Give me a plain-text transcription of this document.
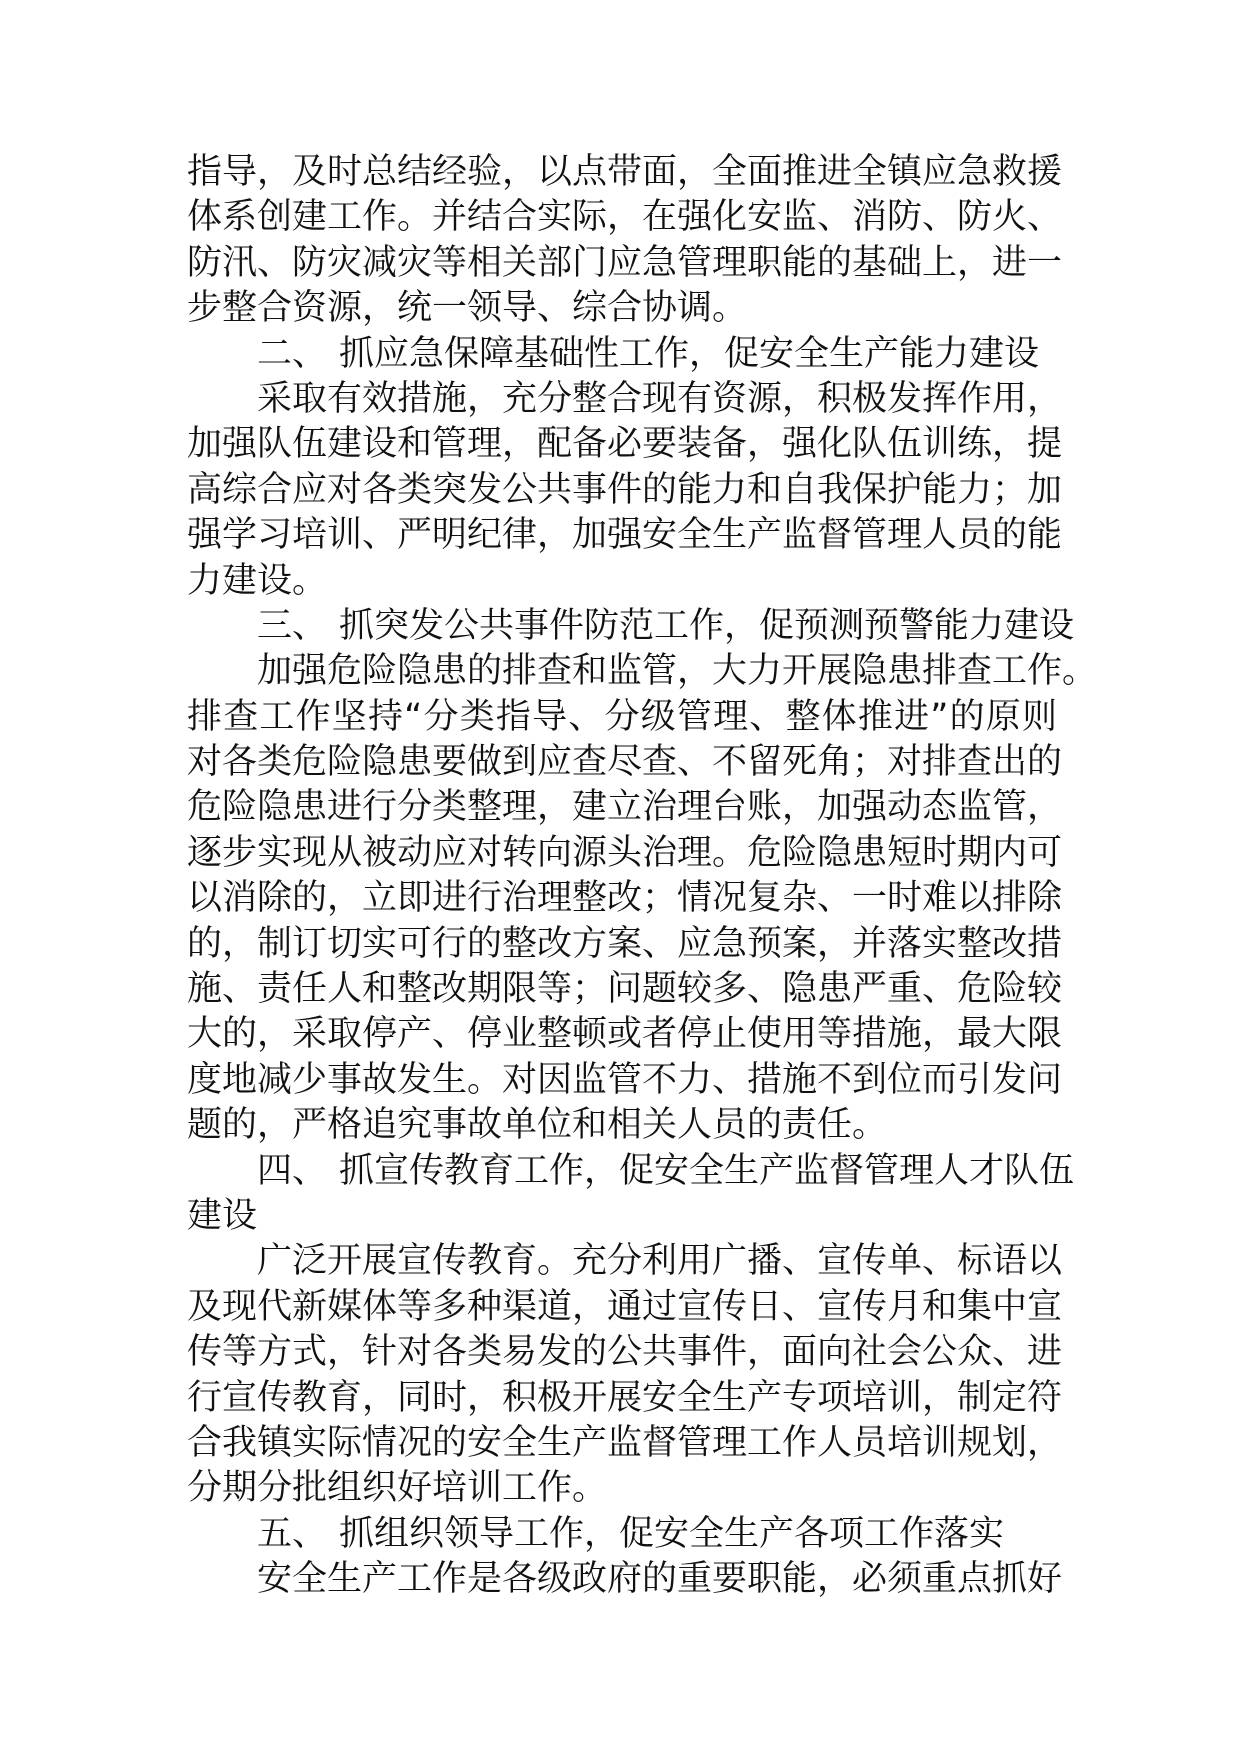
指导，及时总结经验，以点带面，全面推进全镇应急救援
体系创建工作。并结合实际，在强化安监、消防、防火、
防汛、防灾减灾等相关部门应急管理职能的基础上，进一
步整合资源，统一领导、综合协调。
二、 抓应急保障基础性工作，促安全生产能力建设
采取有效措施，充分整合现有资源，积极发挥作用，
加强队伍建设和管理，配备必要装备，强化队伍训练，提
高综合应对各类突发公共事件的能力和自我保护能力；加
强学习培训、严明纪律，加强安全生产监督管理人员的能
力建设。
三、 抓突发公共事件防范工作，促预测预警能力建设
加强危险隐患的排查和监管，大力开展隐患排查工作。
排查工作坚持“分类指导、分级管理、整体推进”的原则
对各类危险隐患要做到应查尽查、不留死角；对排查出的
危险隐患进行分类整理，建立治理台账，加强动态监管，
逐步实现从被动应对转向源头治理。危险隐患短时期内可
以消除的，立即进行治理整改；情况复杂、一时难以排除
的，制订切实可行的整改方案、应急预案，并落实整改措
施、责任人和整改期限等；问题较多、隐患严重、危险较
大的，采取停产、停业整顿或者停止使用等措施，最大限
度地减少事故发生。对因监管不力、措施不到位而引发问
题的，严格追究事故单位和相关人员的责任。
四、 抓宣传教育工作，促安全生产监督管理人才队伍
建设
广泛开展宣传教育。充分利用广播、宣传单、标语以
及现代新媒体等多种渠道，通过宣传日、宣传月和集中宣
传等方式，针对各类易发的公共事件，面向社会公众、进
行宣传教育，同时，积极开展安全生产专项培训，制定符
合我镇实际情况的安全生产监督管理工作人员培训规划，
分期分批组织好培训工作。
五、 抓组织领导工作，促安全生产各项工作落实
安全生产工作是各级政府的重要职能，必须重点抓好
